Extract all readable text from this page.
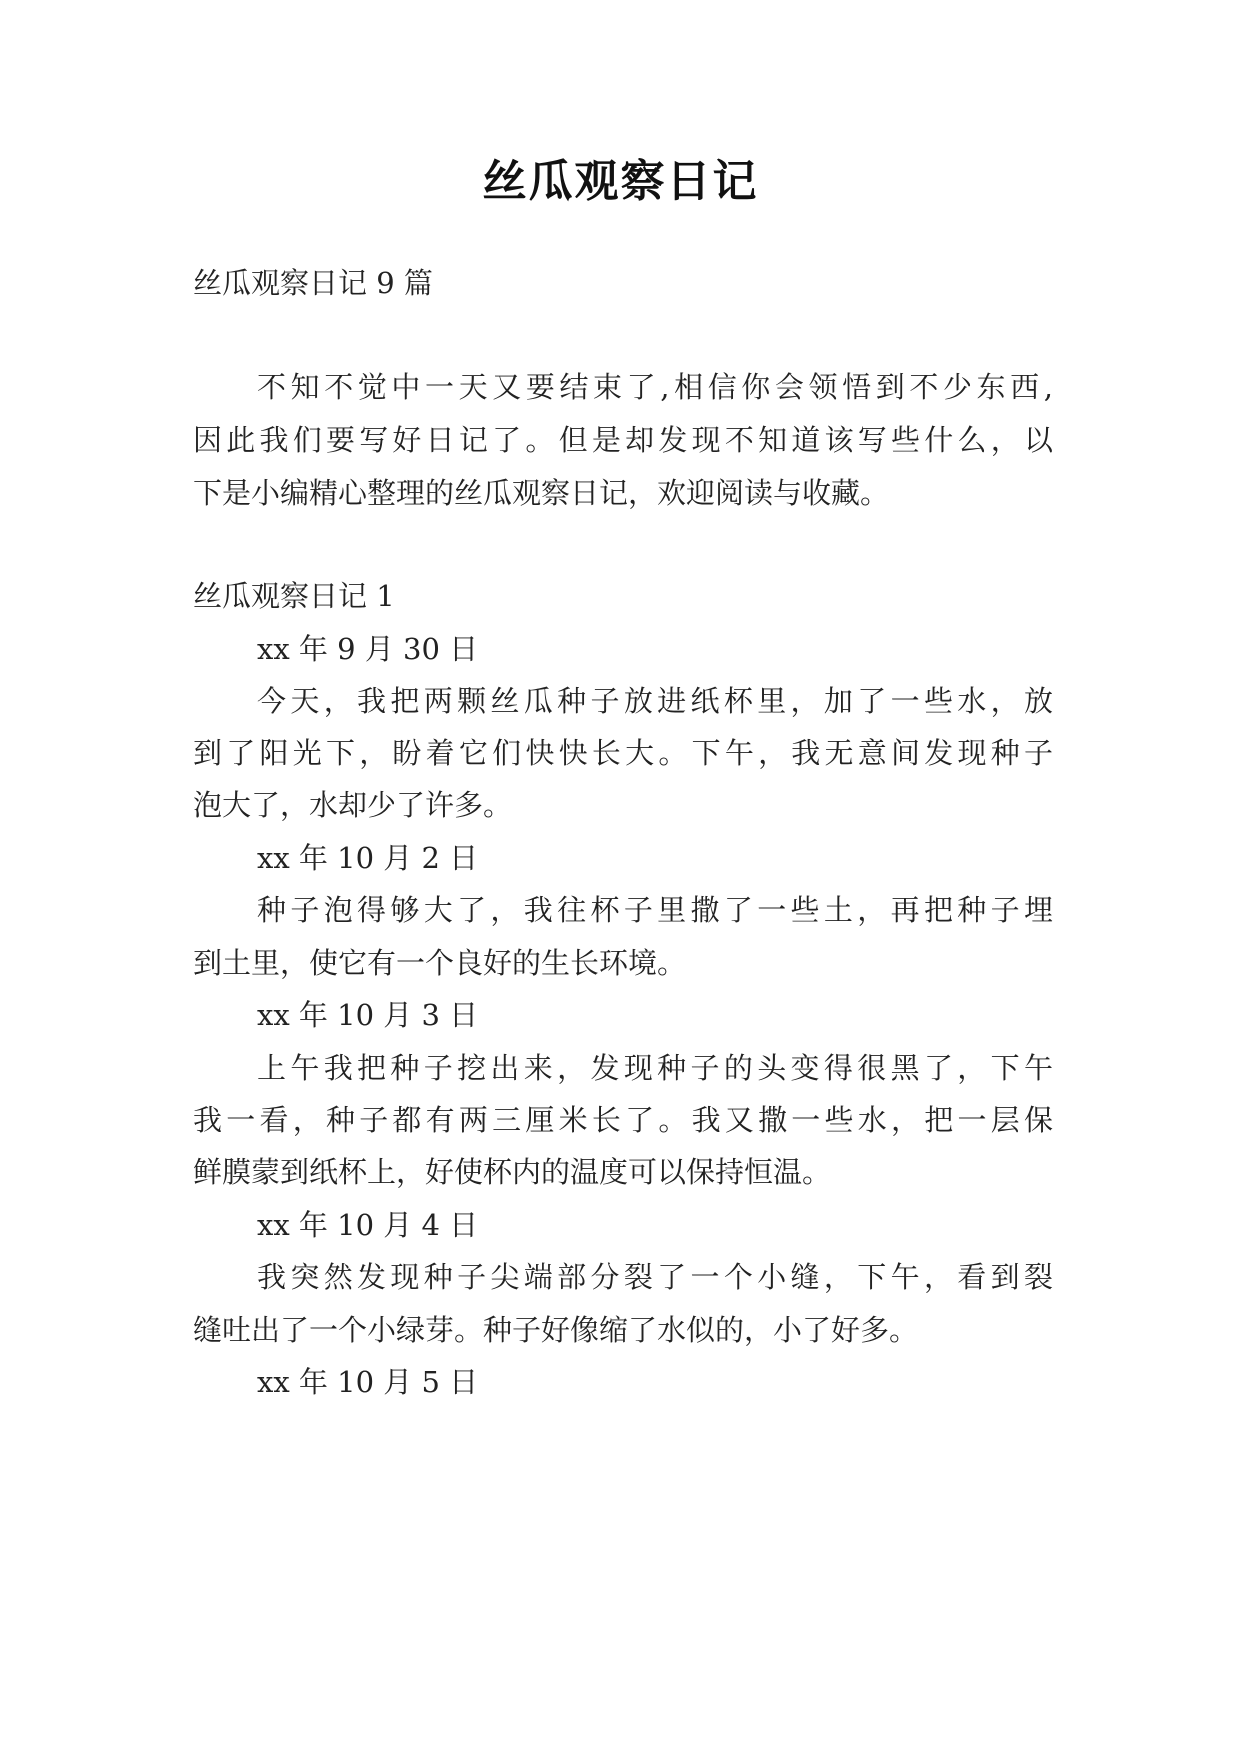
丝瓜观察日记
丝瓜观察日记 9 篇
不知不觉中一天又要结束了,相信你会领悟到不少东西,
因此我们要写好日记了。但是却发现不知道该写些什么，以
下是小编精心整理的丝瓜观察日记，欢迎阅读与收藏。
丝瓜观察日记 1
xx 年 9 月 30 日
今天，我把两颗丝瓜种子放进纸杯里，加了一些水，放
到了阳光下，盼着它们快快长大。下午，我无意间发现种子
泡大了，水却少了许多。
xx 年 10 月 2 日
种子泡得够大了，我往杯子里撒了一些土，再把种子埋
到土里，使它有一个良好的生长环境。
xx 年 10 月 3 日
上午我把种子挖出来，发现种子的头变得很黑了，下午
我一看，种子都有两三厘米长了。我又撒一些水，把一层保
鲜膜蒙到纸杯上，好使杯内的温度可以保持恒温。
xx 年 10 月 4 日
我突然发现种子尖端部分裂了一个小缝，下午，看到裂
缝吐出了一个小绿芽。种子好像缩了水似的，小了好多。
xx 年 10 月 5 日
